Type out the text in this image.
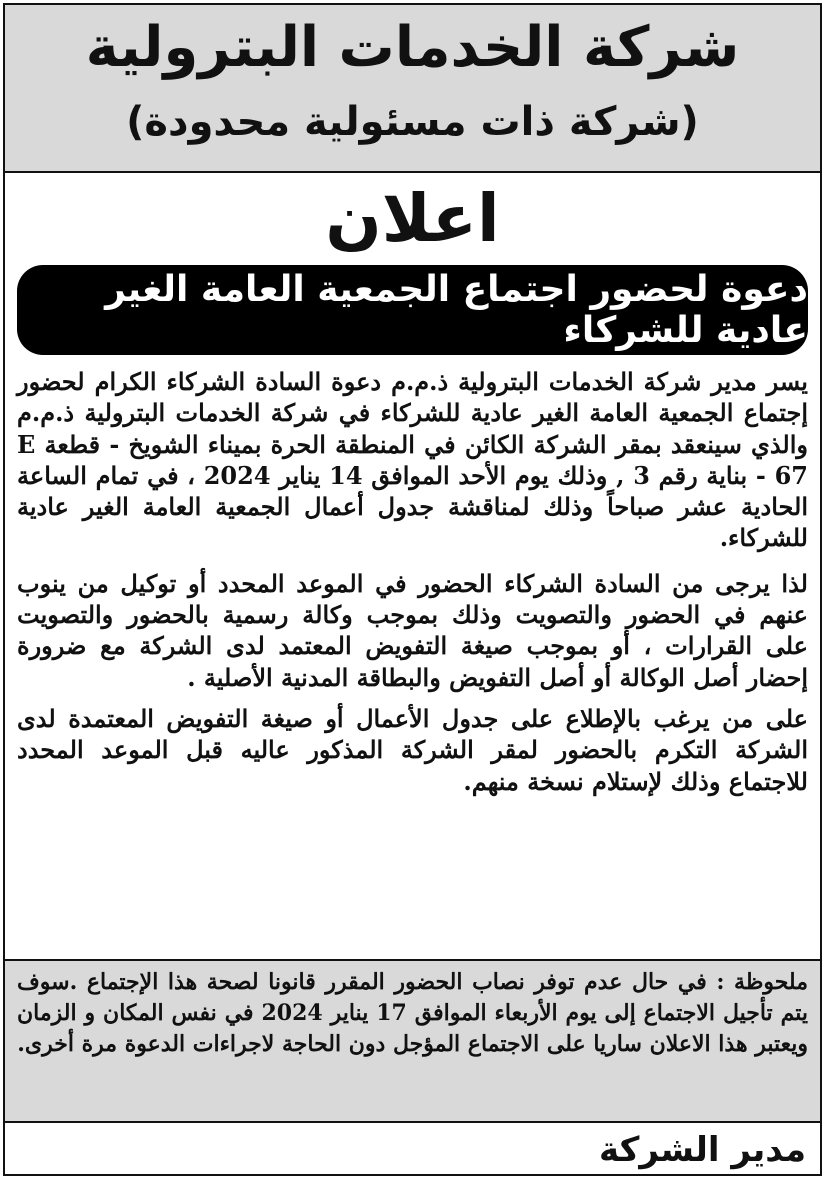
شركة الخدمات البترولية
(شركة ذات مسئولية محدودة)
اعلان
دعوة لحضور اجتماع الجمعية العامة الغير عادية للشركاء

يسر مدير شركة الخدمات البترولية ذ.م.م دعوة السادة الشركاء الكرام لحضور إجتماع الجمعية العامة الغير عادية للشركاء في شركة الخدمات البترولية ذ.م.م والذي سينعقد بمقر الشركة الكائن في المنطقة الحرة بميناء الشويخ - قطعة E 67 - بناية رقم 3 , وذلك يوم الأحد الموافق 14 يناير 2024 ، في تمام الساعة الحادية عشر صباحاً وذلك لمناقشة جدول أعمال الجمعية العامة الغير عادية للشركاء.

لذا يرجى من السادة الشركاء الحضور في الموعد المحدد أو توكيل من ينوب عنهم في الحضور والتصويت وذلك بموجب وكالة رسمية بالحضور والتصويت على القرارات ، أو بموجب صيغة التفويض المعتمد لدى الشركة مع ضرورة إحضار أصل الوكالة أو أصل التفويض والبطاقة المدنية الأصلية .

على من يرغب بالإطلاع على جدول الأعمال أو صيغة التفويض المعتمدة لدى الشركة التكرم بالحضور لمقر الشركة المذكور عاليه قبل الموعد المحدد للاجتماع وذلك لإستلام نسخة منهم.

ملحوظة : في حال عدم توفر نصاب الحضور المقرر قانونا لصحة هذا الإجتماع .سوف يتم تأجيل الاجتماع إلى يوم الأربعاء الموافق 17 يناير 2024 في نفس المكان و الزمان ويعتبر هذا الاعلان ساريا على الاجتماع المؤجل دون الحاجة لاجراءات الدعوة مرة أخرى.
مدير الشركة
